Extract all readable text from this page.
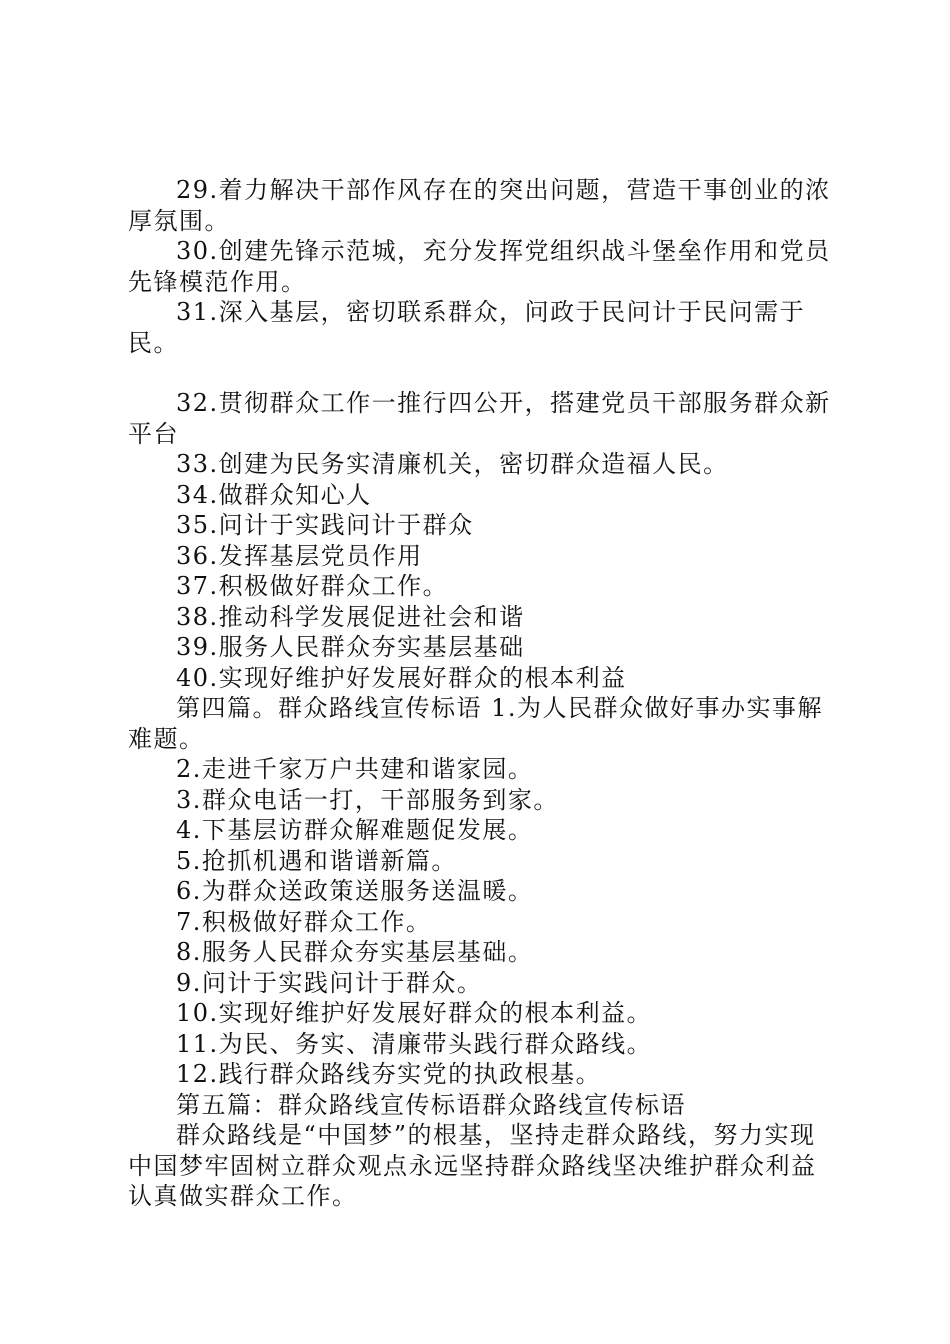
29.着力解决干部作风存在的突出问题，营造干事创业的浓厚氛围。

30.创建先锋示范城，充分发挥党组织战斗堡垒作用和党员先锋模范作用。

31.深入基层，密切联系群众，问政于民问计于民问需于民。

32.贯彻群众工作一推行四公开，搭建党员干部服务群众新平台

33.创建为民务实清廉机关，密切群众造福人民。

34.做群众知心人

35.问计于实践问计于群众

36.发挥基层党员作用

37.积极做好群众工作。

38.推动科学发展促进社会和谐

39.服务人民群众夯实基层基础

40.实现好维护好发展好群众的根本利益

第四篇。群众路线宣传标语 1.为人民群众做好事办实事解难题。

2.走进千家万户共建和谐家园。

3.群众电话一打，干部服务到家。

4.下基层访群众解难题促发展。

5.抢抓机遇和谐谱新篇。

6.为群众送政策送服务送温暖。

7.积极做好群众工作。

8.服务人民群众夯实基层基础。

9.问计于实践问计于群众。

10.实现好维护好发展好群众的根本利益。

11.为民、务实、清廉带头践行群众路线。

12.践行群众路线夯实党的执政根基。

第五篇：群众路线宣传标语群众路线宣传标语

群众路线是“中国梦”的根基，坚持走群众路线，努力实现中国梦牢固树立群众观点永远坚持群众路线坚决维护群众利益认真做实群众工作。
